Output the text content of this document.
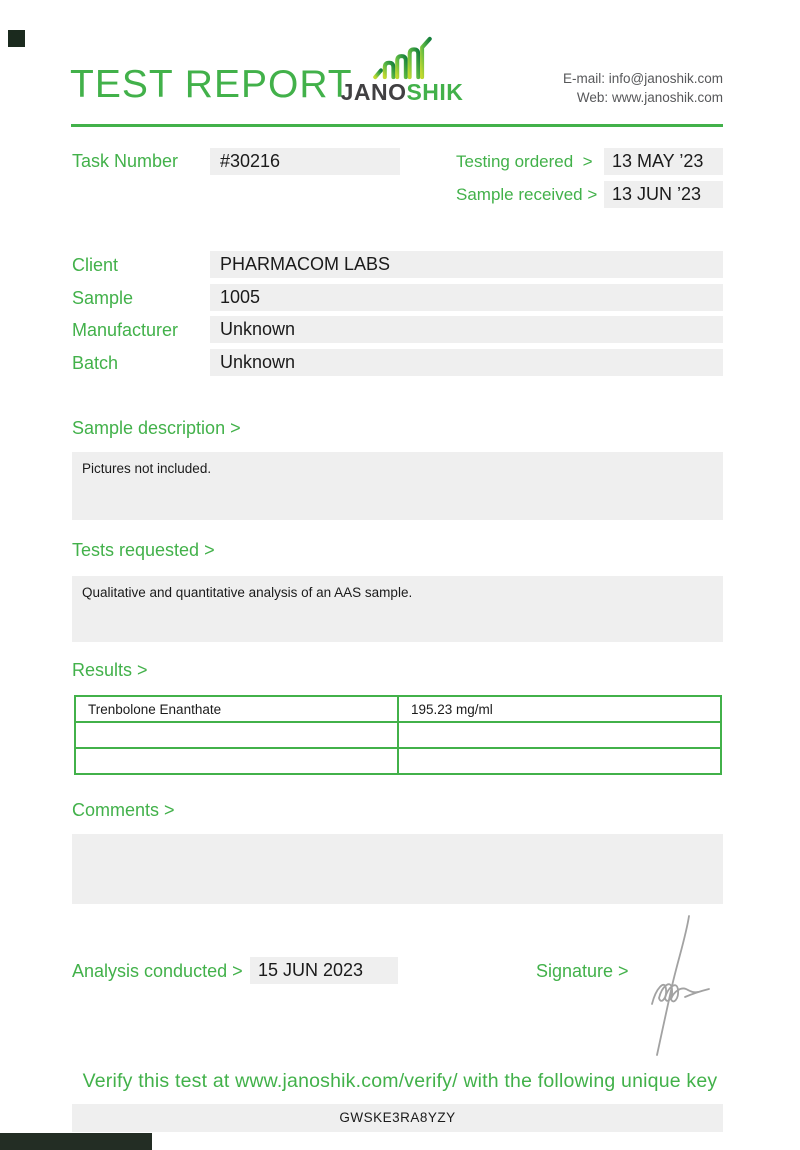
TEST REPORT
JANOSHIK
E-mail: info@janoshik.com
Web: www.janoshik.com
Task Number	#30216	Testing ordered  >	13 MAY ’23
Sample received > 13 JUN ’23
Client	PHARMACOM LABS
Sample	1005
Manufacturer	Unknown
Batch	Unknown
Sample description >
Pictures not included.
Tests requested >
Qualitative and quantitative analysis of an AAS sample.
Results >
Trenbolone Enanthate	195.23 mg/ml

Comments >
Analysis conducted > 15 JUN 2023	Signature >
Verify this test at www.janoshik.com/verify/ with the following unique key
GWSKE3RA8YZY
